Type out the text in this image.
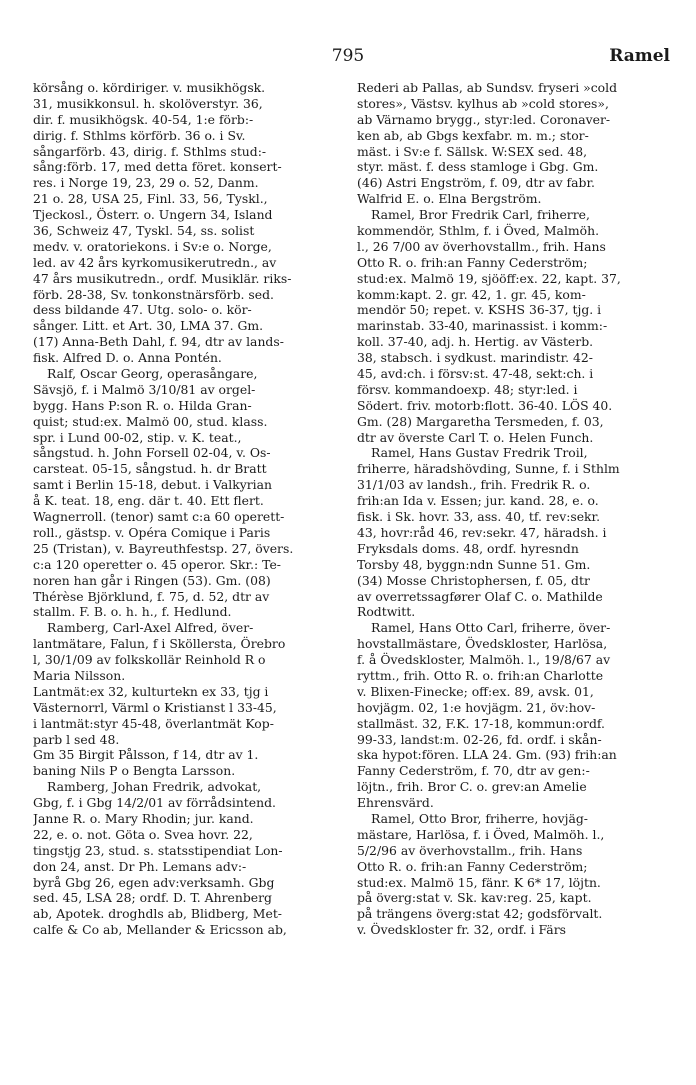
795	Ramel
körsång o. kördiriger. v. musikhögsk.
31, musikkonsul. h. skolöverstyr. 36,
dir. f. musikhögsk. 40-54, 1:e förb:-
dirig. f. Sthlms körförb. 36 o. i Sv.
sångarförb. 43, dirig. f. Sthlms stud:-
sång:förb. 17, med detta föret. konsert-
res. i Norge 19, 23, 29 o. 52, Danm.
21 o. 28, USA 25, Finl. 33, 56, Tyskl.,
Tjeckosl., Österr. o. Ungern 34, Island
36, Schweiz 47, Tyskl. 54, ss. solist
medv. v. oratoriekons. i Sv:e o. Norge,
led. av 42 års kyrkomusikerutredn., av
47 års musikutredn., ordf. Musiklär. riks-
förb. 28-38, Sv. tonkonstnärsförb. sed.
dess bildande 47. Utg. solo- o. kör-
sånger. Litt. et Art. 30, LMA 37. Gm.
(17) Anna-Beth Dahl, f. 94, dtr av lands-
fisk. Alfred D. o. Anna Pontén.
Ralf, Oscar Georg, operasångare,
Sävsjö, f. i Malmö 3/10/81 av orgel-
bygg. Hans P:son R. o. Hilda Gran-
quist; stud:ex. Malmö 00, stud. klass.
spr. i Lund 00-02, stip. v. K. teat.,
sångstud. h. John Forsell 02-04, v. Os-
carsteat. 05-15, sångstud. h. dr Bratt
samt i Berlin 15-18, debut. i Valkyrian
å K. teat. 18, eng. där t. 40. Ett flert.
Wagnerroll. (tenor) samt c:a 60 operett-
roll., gästsp. v. Opéra Comique i Paris
25 (Tristan), v. Bayreuthfestsp. 27, övers.
c:a 120 operetter o. 45 operor. Skr.: Te-
noren han går i Ringen (53). Gm. (08)
Thérèse Björklund, f. 75, d. 52, dtr av
stallm. F. B. o. h. h., f. Hedlund.
Ramberg, Carl-Axel Alfred, över-
lantmätare, Falun, f i Sköllersta, Örebro
l, 30/1/09 av folkskollär Reinhold R o
Maria Nilsson.
Lantmät:ex 32, kulturtekn ex 33, tjg i
Västernorrl, Värml o Kristianst l 33-45,
i lantmät:styr 45-48, överlantmät Kop-
parb l sed 48.
Gm 35 Birgit Pålsson, f 14, dtr av 1.
baning Nils P o Bengta Larsson.
Ramberg, Johan Fredrik, advokat,
Gbg, f. i Gbg 14/2/01 av förrådsintend.
Janne R. o. Mary Rhodin; jur. kand.
22, e. o. not. Göta o. Svea hovr. 22,
tingstjg 23, stud. s. statsstipendiat Lon-
don 24, anst. Dr Ph. Lemans adv:-
byrå Gbg 26, egen adv:verksamh. Gbg
sed. 45, LSA 28; ordf. D. T. Ahrenberg
ab, Apotek. droghdls ab, Blidberg, Met-
calfe & Co ab, Mellander & Ericsson ab,
Rederi ab Pallas, ab Sundsv. fryseri »cold
stores», Västsv. kylhus ab »cold stores»,
ab Värnamo brygg., styr:led. Coronaver-
ken ab, ab Gbgs kexfabr. m. m.; stor-
mäst. i Sv:e f. Sällsk. W:SEX sed. 48,
styr. mäst. f. dess stamloge i Gbg. Gm.
(46) Astri Engström, f. 09, dtr av fabr.
Walfrid E. o. Elna Bergström.
Ramel, Bror Fredrik Carl, friherre,
kommendör, Sthlm, f. i Öved, Malmöh.
l., 26 7/00 av överhovstallm., frih. Hans
Otto R. o. frih:an Fanny Cederström;
stud:ex. Malmö 19, sjööff:ex. 22, kapt. 37,
komm:kapt. 2. gr. 42, 1. gr. 45, kom-
mendör 50; repet. v. KSHS 36-37, tjg. i
marinstab. 33-40, marinassist. i komm:-
koll. 37-40, adj. h. Hertig. av Västerb.
38, stabsch. i sydkust. marindistr. 42-
45, avd:ch. i försv:st. 47-48, sekt:ch. i
försv. kommandoexp. 48; styr:led. i
Södert. friv. motorb:flott. 36-40. LÖS 40.
Gm. (28) Margaretha Tersmeden, f. 03,
dtr av överste Carl T. o. Helen Funch.
Ramel, Hans Gustav Fredrik Troil,
friherre, häradshövding, Sunne, f. i Sthlm
31/1/03 av landsh., frih. Fredrik R. o.
frih:an Ida v. Essen; jur. kand. 28, e. o.
fisk. i Sk. hovr. 33, ass. 40, tf. rev:sekr.
43, hovr:råd 46, rev:sekr. 47, häradsh. i
Fryksdals doms. 48, ordf. hyresndn
Torsby 48, byggn:ndn Sunne 51. Gm.
(34) Mosse Christophersen, f. 05, dtr
av overretssagfører Olaf C. o. Mathilde
Rodtwitt.
Ramel, Hans Otto Carl, friherre, över-
hovstallmästare, Övedskloster, Harlösa,
f. å Övedskloster, Malmöh. l., 19/8/67 av
ryttm., frih. Otto R. o. frih:an Charlotte
v. Blixen-Finecke; off:ex. 89, avsk. 01,
hovjägm. 02, 1:e hovjägm. 21, öv:hov-
stallmäst. 32, F.K. 17-18, kommun:ordf.
99-33, landst:m. 02-26, fd. ordf. i skån-
ska hypot:fören. LLA 24. Gm. (93) frih:an
Fanny Cederström, f. 70, dtr av gen:-
löjtn., frih. Bror C. o. grev:an Amelie
Ehrensvärd.
Ramel, Otto Bror, friherre, hovjäg-
mästare, Harlösa, f. i Öved, Malmöh. l.,
5/2/96 av överhovstallm., frih. Hans
Otto R. o. frih:an Fanny Cederström;
stud:ex. Malmö 15, fänr. K 6* 17, löjtn.
på överg:stat v. Sk. kav:reg. 25, kapt.
på trängens överg:stat 42; godsförvalt.
v. Övedskloster fr. 32, ordf. i Färs
